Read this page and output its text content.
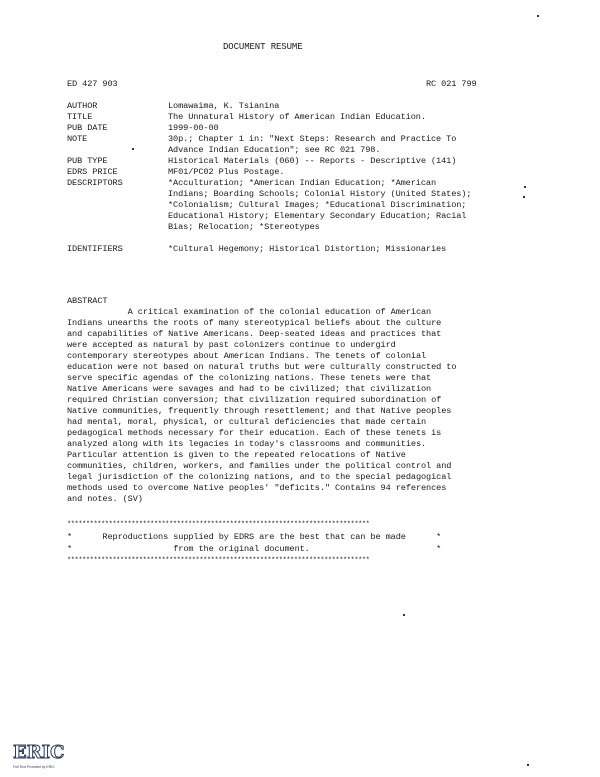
DOCUMENT RESUME
ED 427 903	RC 021 799
AUTHOR	Lomawaima, K. Tsianina
TITLE	The Unnatural History of American Indian Education.
PUB DATE	1999-00-00
NOTE	30p.; Chapter 1 in: "Next Steps: Research and Practice To
Advance Indian Education"; see RC 021 798.
PUB TYPE	Historical Materials (060) -- Reports - Descriptive (141)
EDRS PRICE	MF01/PC02 Plus Postage.
DESCRIPTORS	*Acculturation; *American Indian Education; *American
Indians; Boarding Schools; Colonial History (United States);
*Colonialism; Cultural Images; *Educational Discrimination;
Educational History; Elementary Secondary Education; Racial
Bias; Relocation; *Stereotypes
IDENTIFIERS	*Cultural Hegemony; Historical Distortion; Missionaries
ABSTRACT
A critical examination of the colonial education of American
Indians unearths the roots of many stereotypical beliefs about the culture
and capabilities of Native Americans. Deep-seated ideas and practices that
were accepted as natural by past colonizers continue to undergird
contemporary stereotypes about American Indians. The tenets of colonial
education were not based on natural truths but were culturally constructed to
serve specific agendas of the colonizing nations. These tenets were that
Native Americans were savages and had to be civilized; that civilization
required Christian conversion; that civilization required subordination of
Native communities, frequently through resettlement; and that Native peoples
had mental, moral, physical, or cultural deficiencies that made certain
pedagogical methods necessary for their education. Each of these tenets is
analyzed along with its legacies in today's classrooms and communities.
Particular attention is given to the repeated relocations of Native
communities, children, workers, and families under the political control and
legal jurisdiction of the colonizing nations, and to the special pedagogical
methods used to overcome Native peoples' "deficits." Contains 94 references
and notes. (SV)
********************************************************************************
*      Reproductions supplied by EDRS are the best that can be made      *
*                    from the original document.                         *
********************************************************************************
ERIC
Full Text Provided by ERIC
